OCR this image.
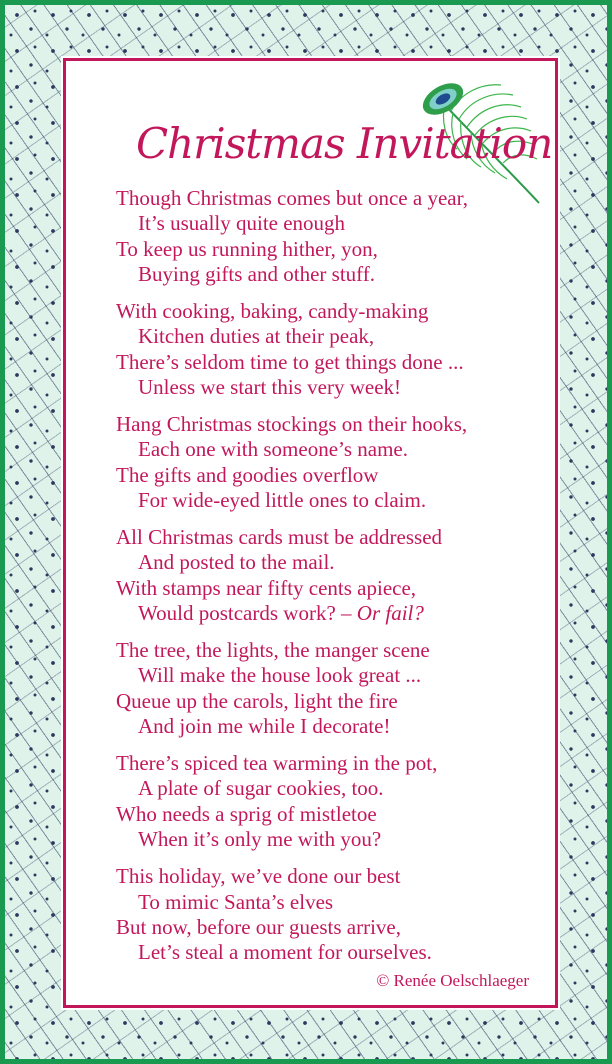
Christmas Invitation

Though Christmas comes but once a year,
It’s usually quite enough
To keep us running hither, yon,
Buying gifts and other stuff.

With cooking, baking, candy-making
Kitchen duties at their peak,
There’s seldom time to get things done ...
Unless we start this very week!

Hang Christmas stockings on their hooks,
Each one with someone’s name.
The gifts and goodies overflow
For wide-eyed little ones to claim.

All Christmas cards must be addressed
And posted to the mail.
With stamps near fifty cents apiece,
Would postcards work? – Or fail?

The tree, the lights, the manger scene
Will make the house look great ...
Queue up the carols, light the fire
And join me while I decorate!

There’s spiced tea warming in the pot,
A plate of sugar cookies, too.
Who needs a sprig of mistletoe
When it’s only me with you?

This holiday, we’ve done our best
To mimic Santa’s elves
But now, before our guests arrive,
Let’s steal a moment for ourselves.

© Renée Oelschlaeger
